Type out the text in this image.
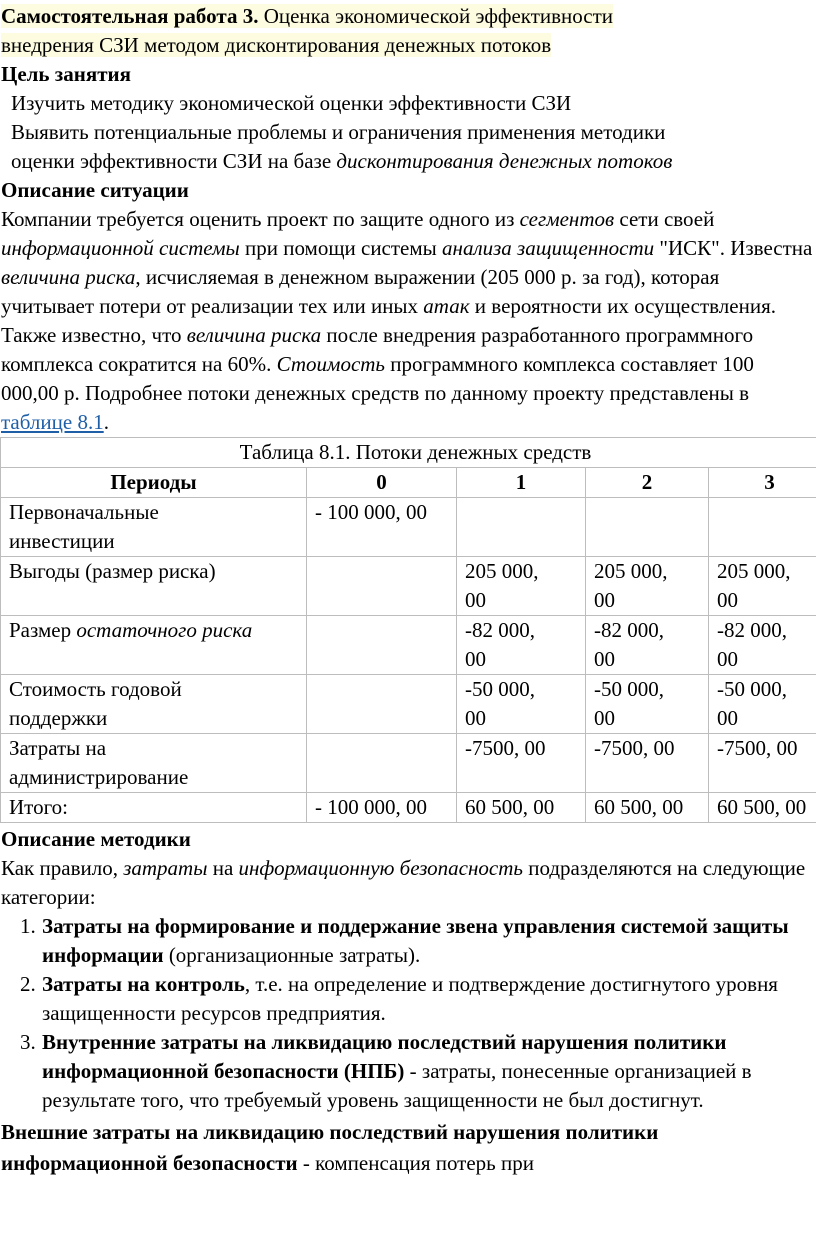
Самостоятельная работа 3. Оценка экономической эффективности
внедрения СЗИ методом дисконтирования денежных потоков
Цель занятия
Изучить методику экономической оценки эффективности СЗИ
Выявить потенциальные проблемы и ограничения применения методики
оценки эффективности СЗИ на базе дисконтирования денежных потоков
Описание ситуации

Компании требуется оценить проект по защите одного из сегментов сети своей информационной системы при помощи системы анализа защищенности "ИСК". Известна величина риска, исчисляемая в денежном выражении (205 000 р. за год), которая учитывает потери от реализации тех или иных атак и вероятности их осуществления. Также известно, что величина риска после внедрения разработанного программного комплекса сократится на 60%. Стоимость программного комплекса составляет 100 000,00 р. Подробнее потоки денежных средств по данному проекту представлены в таблице 8.1.

Таблица 8.1. Потоки денежных средств				
Периоды	0	1	2	3
Первоначальные инвестиции	- 100 000, 00			
Выгоды (размер риска)		205 000, 00	205 000, 00	205 000, 00
Размер остаточного риска		-82 000, 00	-82 000, 00	-82 000, 00
Стоимость годовой поддержки		-50 000, 00	-50 000, 00	-50 000, 00
Затраты на администрирование		-7500, 00	-7500, 00	-7500, 00
Итого:	- 100 000, 00	60 500, 00	60 500, 00	60 500, 00
Описание методики

Как правило, затраты на информационную безопасность подразделяются на следующие категории:

1. Затраты на формирование и поддержание звена управления системой защиты информации (организационные затраты).
2. Затраты на контроль, т.е. на определение и подтверждение достигнутого уровня защищенности ресурсов предприятия.
3. Внутренние затраты на ликвидацию последствий нарушения политики информационной безопасности (НПБ) - затраты, понесенные организацией в результате того, что требуемый уровень защищенности не был достигнут.

Внешние затраты на ликвидацию последствий нарушения политики информационной безопасности - компенсация потерь при
